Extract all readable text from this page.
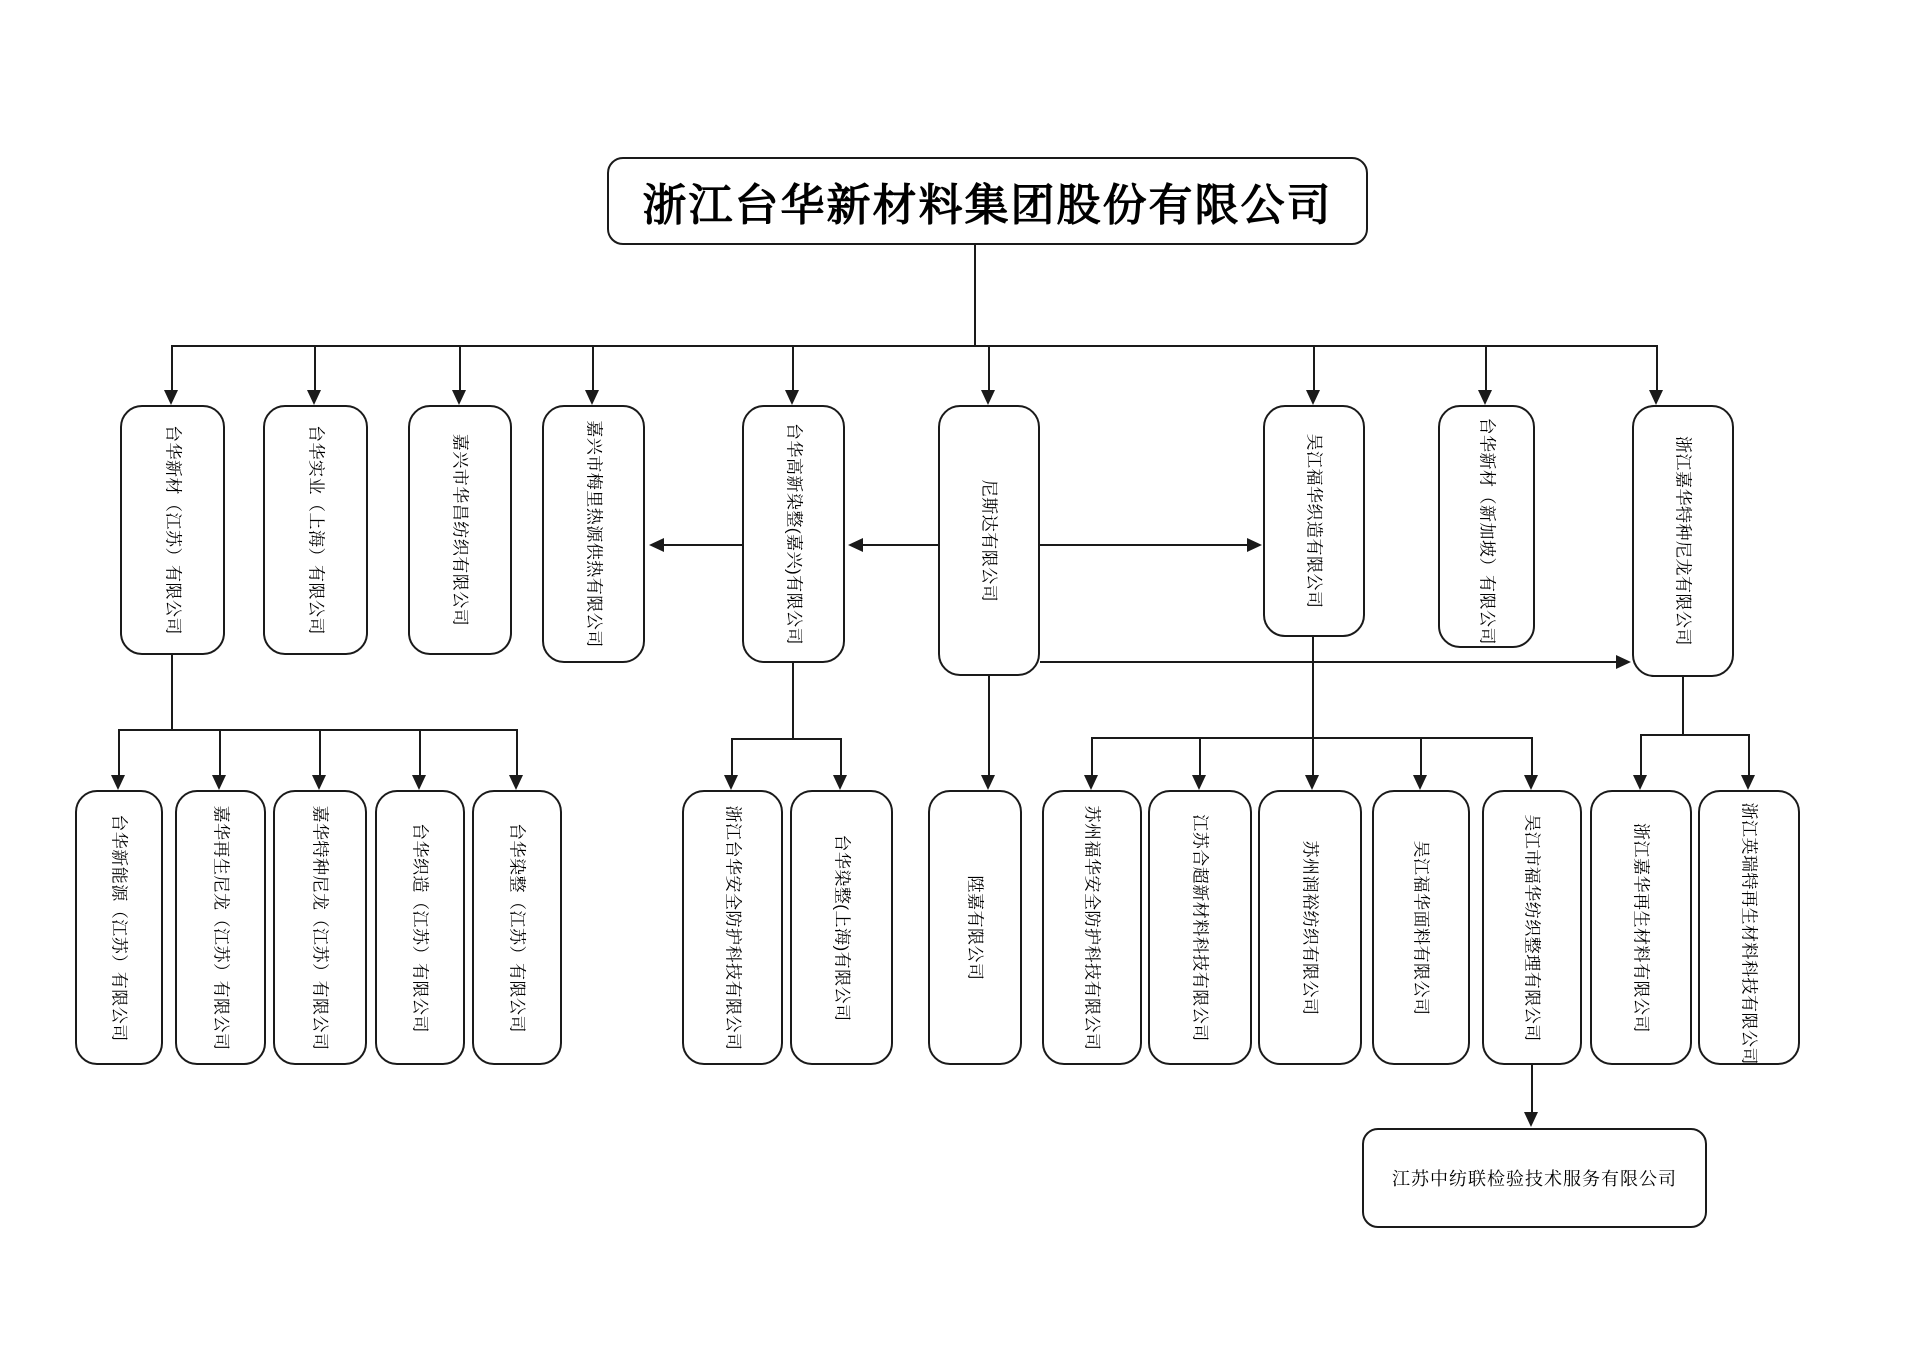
浙江台华新材料集团股份有限公司
台华新材（江苏）有限公司	台华实业（上海）有限公司	嘉兴市华昌纺织有限公司	嘉兴市梅里热源供热有限公司	台华高新染整(嘉兴)有限公司	尼斯达有限公司	吴江福华织造有限公司	台华新材（新加坡）有限公司	浙江嘉华特种尼龙有限公司
台华新能源（江苏）有限公司	嘉华再生尼龙（江苏）有限公司	嘉华特种尼龙（江苏）有限公司	台华织造（江苏）有限公司	台华染整（江苏）有限公司	浙江台华安全防护科技有限公司	台华染整(上海)有限公司	陞嘉有限公司	苏州福华安全防护科技有限公司	江苏合超新材料科技有限公司	苏州润裕纺织有限公司	吴江福华面料有限公司	吴江市福华纺织整理有限公司	浙江嘉华再生材料有限公司	浙江英瑞特再生材料科技有限公司
江苏中纺联检验技术服务有限公司
